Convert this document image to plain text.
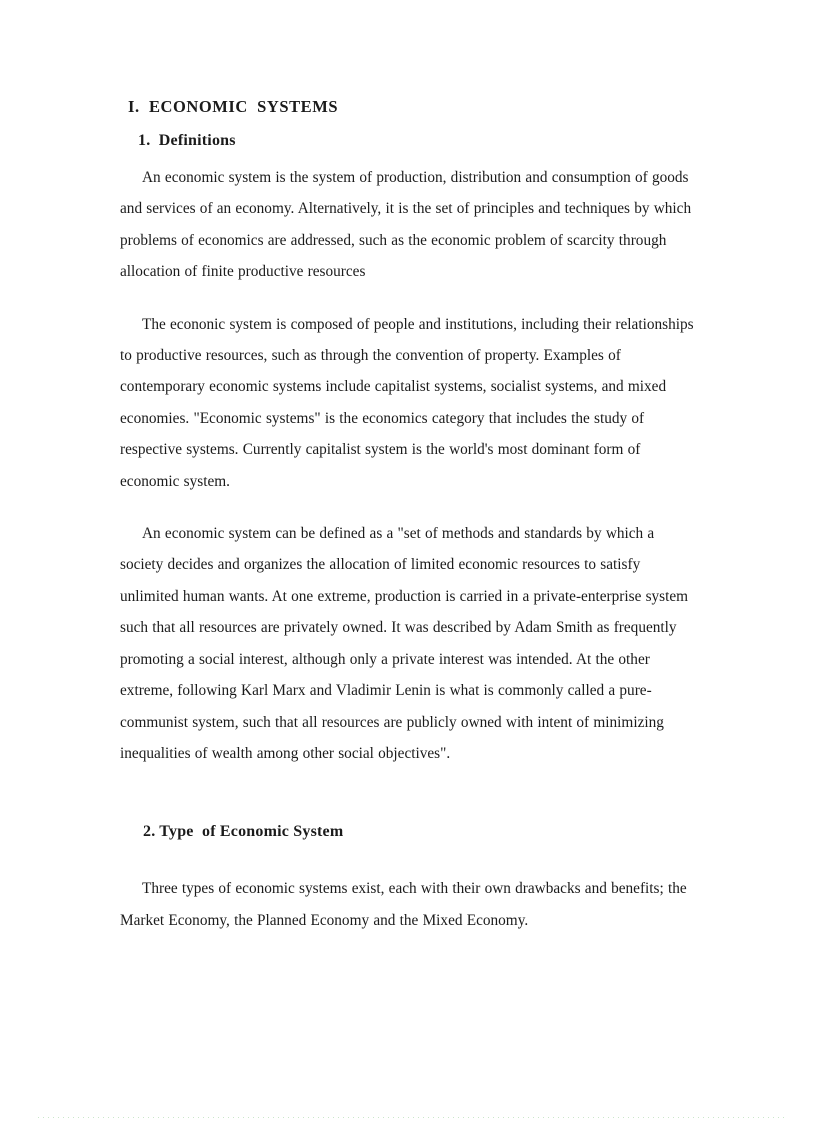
I.  ECONOMIC  SYSTEMS
1.  Definitions

An economic system is the system of production, distribution and consumption of goods and services of an economy. Alternatively, it is the set of principles and techniques by which problems of economics are addressed, such as the economic problem of scarcity through allocation of finite productive resources

The econonic system is composed of people and institutions, including their relationships to productive resources, such as through the convention of property. Examples of contemporary economic systems include capitalist systems, socialist systems, and mixed economies. "Economic systems" is the economics category that includes the study of respective systems. Currently capitalist system is the world's most dominant form of economic system.

An economic system can be defined as a "set of methods and standards by which a society decides and organizes the allocation of limited economic resources to satisfy unlimited human wants. At one extreme, production is carried in a private-enterprise system such that all resources are privately owned. It was described by Adam Smith as frequently promoting a social interest, although only a private interest was intended. At the other extreme, following Karl Marx and Vladimir Lenin is what is commonly called a pure-communist system, such that all resources are publicly owned with intent of minimizing inequalities of wealth among other social objectives".

2. Type  of Economic System

Three types of economic systems exist, each with their own drawbacks and benefits; the Market Economy, the Planned Economy and the Mixed Economy.
